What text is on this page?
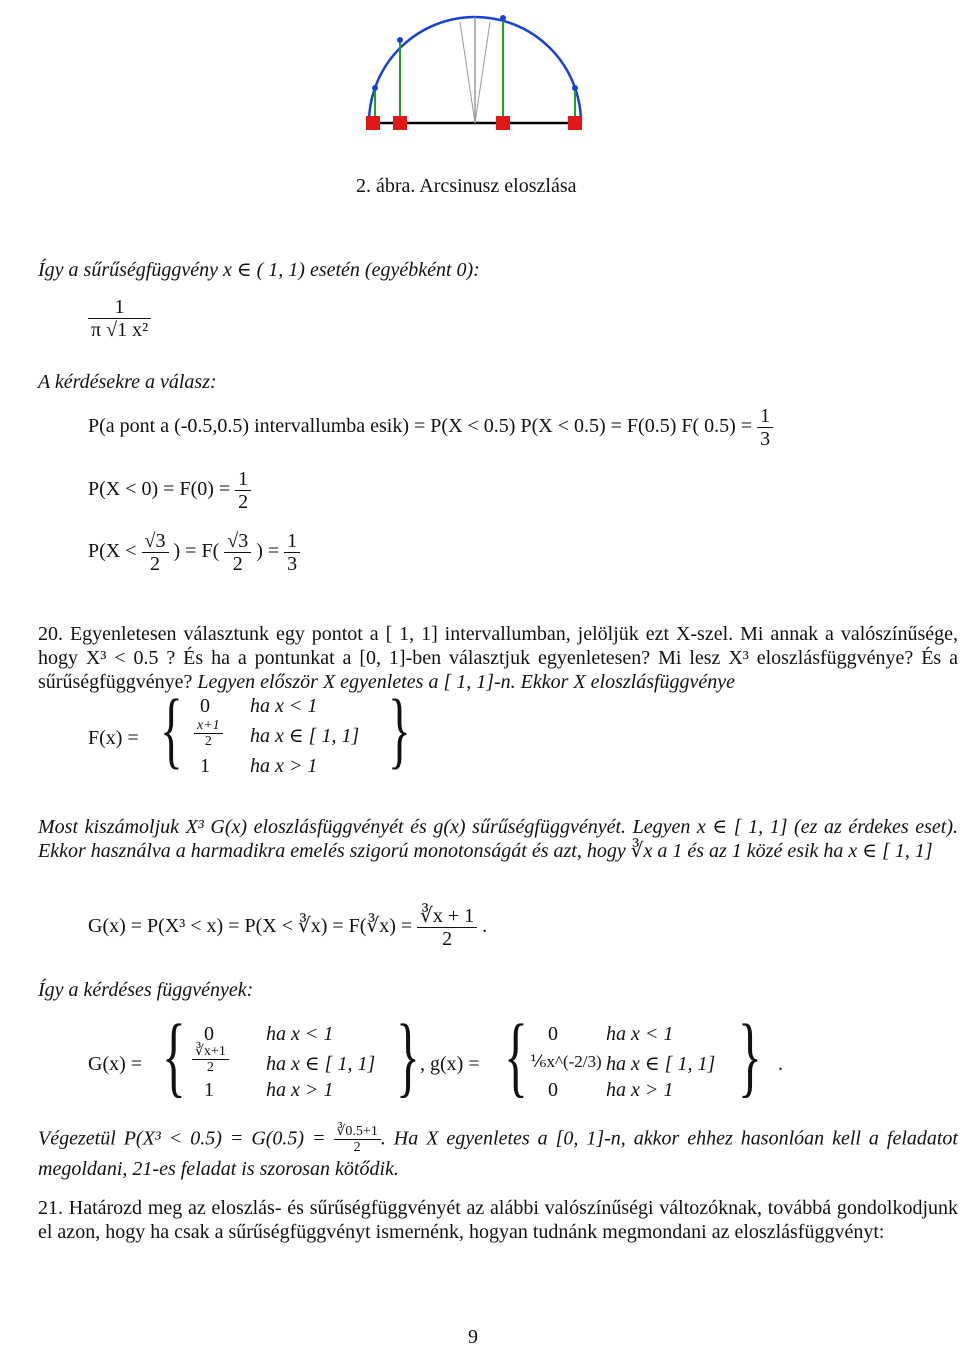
2. ábra. Arcsinusz eloszlása
Így a sűrűségfüggvény x ∈ ( 1, 1) esetén (egyébként 0):
$\frac{1}{\text{π √1 x²}}$
A kérdésekre a válasz:
P(a pont a (-0.5,0.5) intervallumba esik) = P(X < 0.5) P(X < 0.5) = F(0.5) F( $0.5) = \frac{1}{3}$
$P(X < 0) = F(0) = \frac{1}{2}$
$P(X < \frac{√3}{2}$ ) = $F( \frac{√3}{2}$ ) = $\frac{1}{3}$
20. Egyenletesen választunk egy pontot a [ 1, 1] intervallumban, jelöljük ezt X-szel. Mi annak a valószínűsége, hogy X³ < 0.5 ? És ha a pontunkat a [0, 1]-ben választjuk egyenletesen? Mi lesz X³ eloszlásfüggvénye? És a sűrűségfüggvénye? Legyen először X egyenletes a [ 1, 1]-n. Ekkor X eloszlásfüggvénye
F(x) = { 0 ha x < 1
$\frac{x+1}{2}$ ha x ∈ [ 1, 1]
1 ha x > 1 }
Most kiszámoljuk X³ G(x) eloszlásfüggvényét és g(x) sűrűségfüggvényét. Legyen x ∈ [ 1, 1] (ez az érdekes eset). Ekkor használva a harmadikra emelés szigorú monotonságát és azt, hogy ∛x a 1 és az 1 közé esik ha x ∈ [ 1, 1]
G(x) = P(X³ < x) = P(X < ∛x) = F(∛x) = $\frac{∛x + 1}{2}$ .
Így a kérdéses függvények:
G(x) = { 0	ha x < 1
$\frac{∛x+1}{2}$ ha x ∈ [ 1, 1]
1	ha x > 1 } , g(x) = { 0 ha x < 1
⅙x^(-2/3) ha x ∈ [ 1, 1]
0 ha x > 1 } .
Végezetül $P(X^3 < 0.5) = G(0.5) = \frac{∛0.5+1}{2}$ . Ha X egyenletes a [0, 1]-n, akkor ehhez hasonlóan kell a feladatot megoldani, 21-es feladat is szorosan kötődik.
21. Határozd meg az eloszlás- és sűrűségfüggvényét az alábbi valószínűségi változóknak, továbbá gondolkodjunk el azon, hogy ha csak a sűrűségfüggvényt ismernénk, hogyan tudnánk megmondani az eloszlásfüggvényt:
9
